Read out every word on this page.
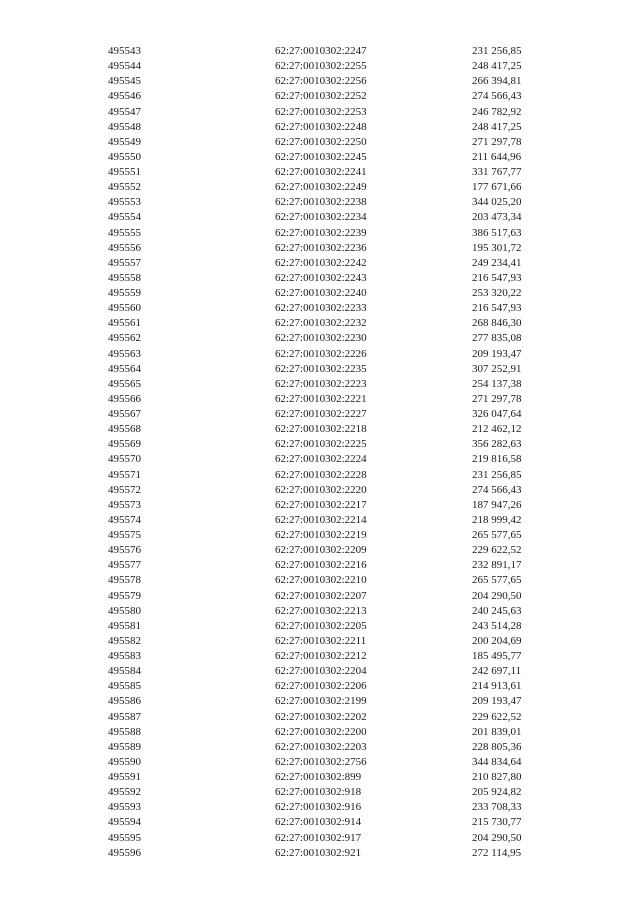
495543	62:27:0010302:2247	231 256,85
495544	62:27:0010302:2255	248 417,25
495545	62:27:0010302:2256	266 394,81
495546	62:27:0010302:2252	274 566,43
495547	62:27:0010302:2253	246 782,92
495548	62:27:0010302:2248	248 417,25
495549	62:27:0010302:2250	271 297,78
495550	62:27:0010302:2245	211 644,96
495551	62:27:0010302:2241	331 767,77
495552	62:27:0010302:2249	177 671,66
495553	62:27:0010302:2238	344 025,20
495554	62:27:0010302:2234	203 473,34
495555	62:27:0010302:2239	386 517,63
495556	62:27:0010302:2236	195 301,72
495557	62:27:0010302:2242	249 234,41
495558	62:27:0010302:2243	216 547,93
495559	62:27:0010302:2240	253 320,22
495560	62:27:0010302:2233	216 547,93
495561	62:27:0010302:2232	268 846,30
495562	62:27:0010302:2230	277 835,08
495563	62:27:0010302:2226	209 193,47
495564	62:27:0010302:2235	307 252,91
495565	62:27:0010302:2223	254 137,38
495566	62:27:0010302:2221	271 297,78
495567	62:27:0010302:2227	326 047,64
495568	62:27:0010302:2218	212 462,12
495569	62:27:0010302:2225	356 282,63
495570	62:27:0010302:2224	219 816,58
495571	62:27:0010302:2228	231 256,85
495572	62:27:0010302:2220	274 566,43
495573	62:27:0010302:2217	187 947,26
495574	62:27:0010302:2214	218 999,42
495575	62:27:0010302:2219	265 577,65
495576	62:27:0010302:2209	229 622,52
495577	62:27:0010302:2216	232 891,17
495578	62:27:0010302:2210	265 577,65
495579	62:27:0010302:2207	204 290,50
495580	62:27:0010302:2213	240 245,63
495581	62:27:0010302:2205	243 514,28
495582	62:27:0010302:2211	200 204,69
495583	62:27:0010302:2212	185 495,77
495584	62:27:0010302:2204	242 697,11
495585	62:27:0010302:2206	214 913,61
495586	62:27:0010302:2199	209 193,47
495587	62:27:0010302:2202	229 622,52
495588	62:27:0010302:2200	201 839,01
495589	62:27:0010302:2203	228 805,36
495590	62:27:0010302:2756	344 834,64
495591	62:27:0010302:899	210 827,80
495592	62:27:0010302:918	205 924,82
495593	62:27:0010302:916	233 708,33
495594	62:27:0010302:914	215 730,77
495595	62:27:0010302:917	204 290,50
495596	62:27:0010302:921	272 114,95
